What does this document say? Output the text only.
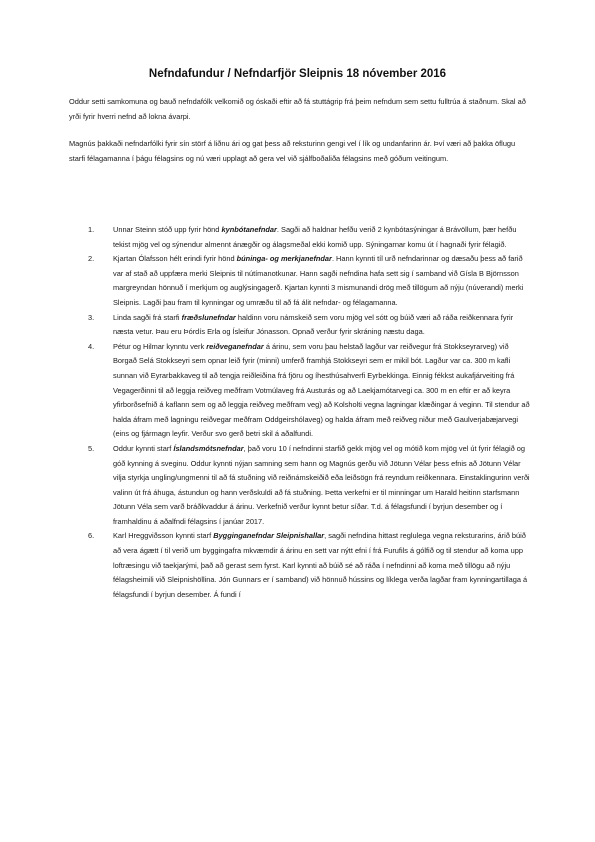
Nefndafundur / Nefndarfjör Sleipnis 18 nóvember 2016

Oddur setti samkomuna og bauð nefndafólk velkomið og óskaði eftir að fá stuttágrip frá þeim nefndum sem settu fulltrúa á staðnum. Skal að yrði fyrir hverri nefnd að lokna ávarpi.

Magnús þakkaði nefndarfólki fyrir sín störf á liðnu ári og gat þess að reksturinn gengi vel í lík og undanfarinn ár. Því væri að þakka öflugu starfi félagamanna í þágu félagsins og nú væri upplagt að gera vel við sjálfboðaliða félagsins með góðum veitingum.

1.	Unnar Steinn stóð upp fyrir hönd kynbótanefndar. Sagði að haldnar hefðu verið 2 kynbótasýningar á Brávöllum, þær hefðu tekist mjög vel og sýnendur almennt ánægðir og álagsmeðal ekki komið upp. Sýningarnar komu út í hagnaði fyrir félagið.
2.	Kjartan Ólafsson hélt erindi fyrir hönd búninga- og merkjanefndar. Hann kynnti tíl urð nefndarinnar og dæsaðu þess að farið var af stað að uppfæra merki Sleipnis til nútímanotkunar. Hann sagði nefndina hafa sett sig í samband við Gísla B Björnsson margreyndan hönnuð í merkjum og auglýsingagerð. Kjartan kynnti 3 mismunandi drög með tillögum að nýju (núverandi) merki Sleipnis. Lagði þau fram til kynningar og umræðu til að fá álit nefndar- og félagamanna.
3.	Linda sagði frá starfi fræðslunefndar haldinn voru námskeið sem voru mjög vel sótt og búið væri að ráða reiðkennara fyrir næsta vetur. Þau eru Þórdís Erla og Ísleifur Jónasson. Opnað verður fyrir skráning næstu daga.
4.	Pétur og Hilmar kynntu verk reiðveganefndar á árinu, sem voru þau helstað lagður var reiðvegur frá Stokkseyrarveg) við Borgað Selá Stokkseyri sem opnar leið fyrir (minni) umferð framhjá Stokkseyri sem er mikil bót. Lagður var ca. 300 m kafli sunnan við Eyrarbakkaveg til að tengja reiðleiðina frá fjöru og íhesthúsahverfi Eyrbekkinga. Einnig fékkst aukafjárveiting frá Vegagerðinni til að leggja reiðveg meðfram Votmúlaveg frá Austurás og að Laekjamótarvegi ca. 300 m en eftir er að keyra yfirborðsefnið á kaflann sem og að leggja reiðveg meðfram veg) að Kolsholti vegna lagningar klæðingar á veginn. Til stendur að halda áfram með lagningu reiðvegar meðfram Oddgeirshólaveg) og halda áfram með reiðveg niður með Gaulverjabæjarvegi (eins og fjármagn leyfir. Verður svo gerð betri skil á aðalfundi.
5.	Oddur kynnti starf Íslandsmótsnefndar, það voru 10 í nefndinni starfið gekk mjög vel og mótið kom mjög vel út fyrir félagið og góð kynning á sveginu. Oddur kynnti nýjan samning sem hann og Magnús gerðu við Jötunn Vélar þess efnis að Jötunn Vélar vilja styrkja ungling/ungmenni til að fá stuðning við reiðnámskeiðið eða leiðsögn frá reyndum reiðkennara. Einstaklingurinn verði valinn út frá áhuga, ástundun og hann verðskuldi að fá stuðning. Þetta verkefni er til minningar um Harald heitinn starfsmann Jötunn Véla sem varð bráðkvaddur á árinu. Verkefnið verður kynnt betur síðar. T.d. á félagsfundi í byrjun desember og í framhaldinu á aðalfndi félagsins í janúar 2017.
6.	Karl Hreggviðsson kynnti starf Bygginganefndar Sleipnishallar, sagði nefndina hittast reglulega vegna reksturarins, árið búið að vera ágætt í til verið um byggingafra mkvæmdir á árinu en sett var nýtt efni í frá Furufils á gólfið og til stendur að koma upp loftræsingu við taekjarými, það að gerast sem fyrst. Karl kynnti að búið sé að ráða í nefndinni að koma með tillögu að nýju félagsheimili við Sleipnishöllina. Jón Gunnars er í samband) við hönnuð hússins og líklega verða lagðar fram kynningartillaga á félagsfundi í byrjun desember. Á fundi í
